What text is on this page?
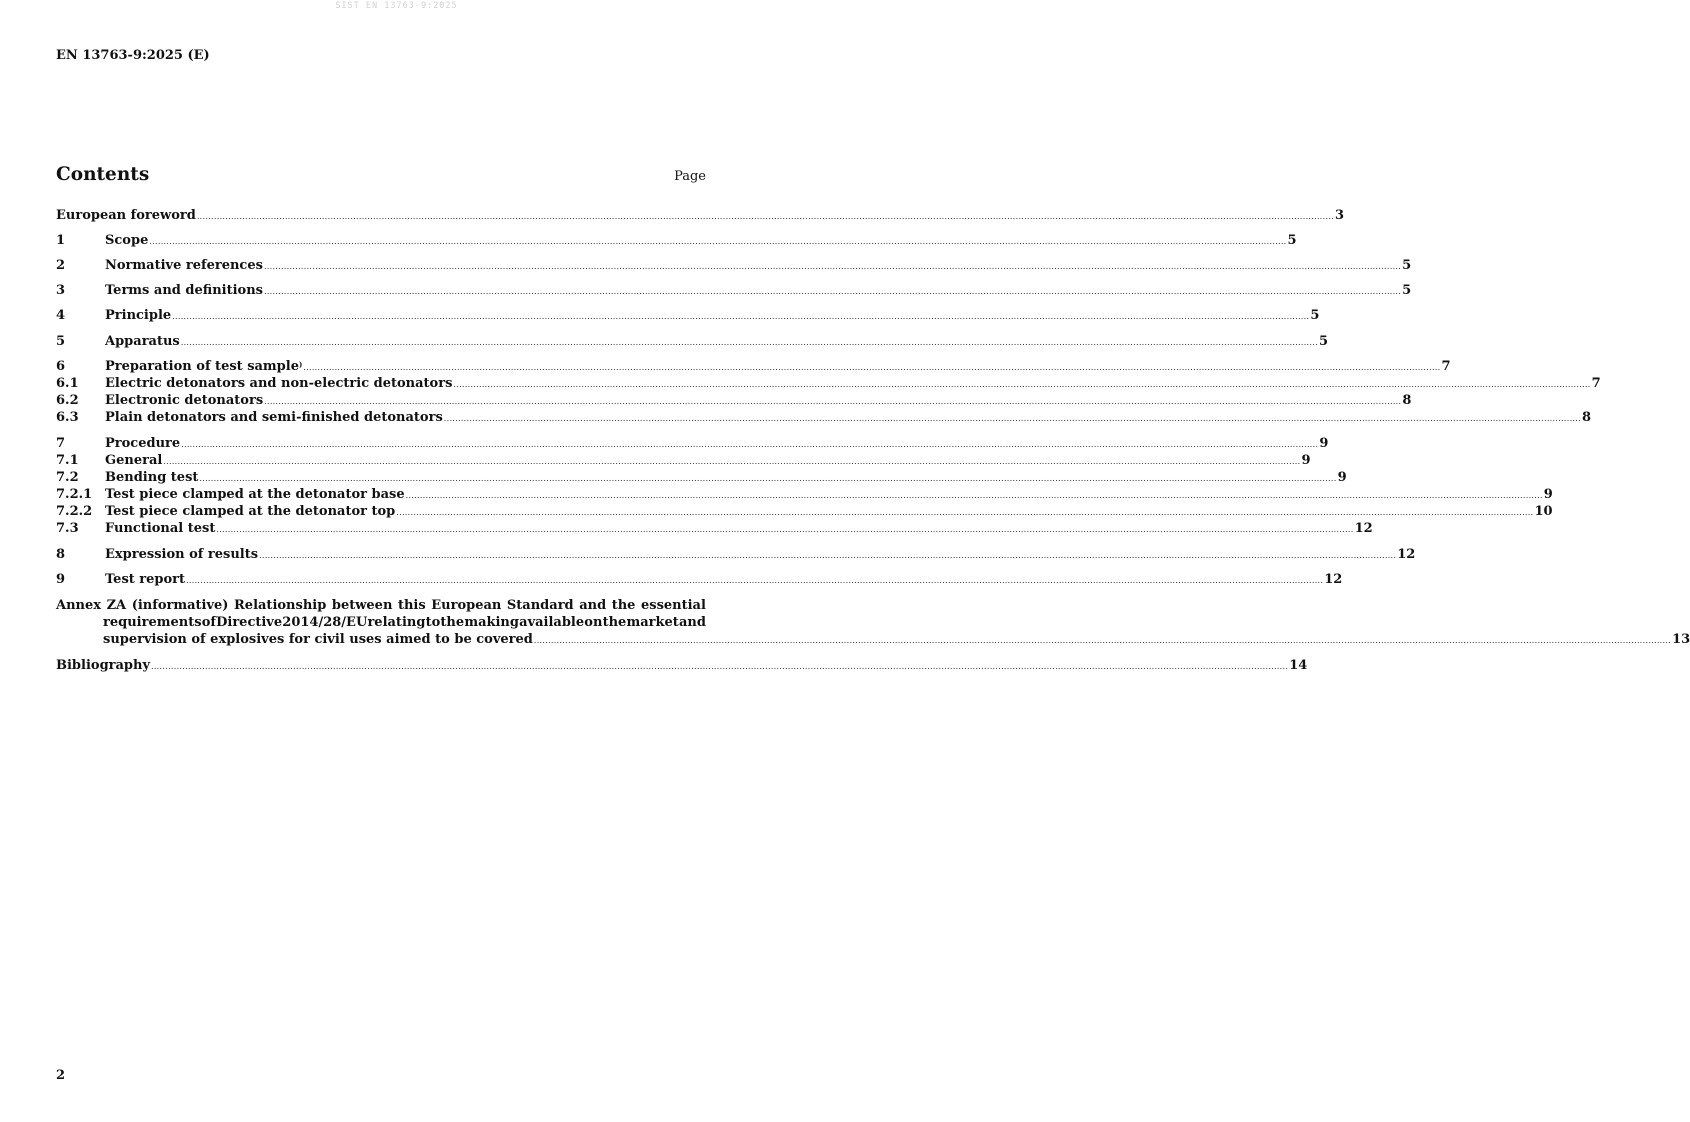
SIST EN 13763-9:2025
EN 13763-9:2025 (E)
Contents	Page
European foreword ................................................................................................................................................................................................................................................................................................................................................................................................................ 3
1	Scope ................................................................................................................................................................................................................................................................................................................................................................................................................ 5
2	Normative references ................................................................................................................................................................................................................................................................................................................................................................................................................ 5
3	Terms and definitions ................................................................................................................................................................................................................................................................................................................................................................................................................ 5
4	Principle ................................................................................................................................................................................................................................................................................................................................................................................................................ 5
5	Apparatus ................................................................................................................................................................................................................................................................................................................................................................................................................ 5
6	Preparation of test sample) ................................................................................................................................................................................................................................................................................................................................................................................................................ 7
6.1	Electric detonators and non-electric detonators ................................................................................................................................................................................................................................................................................................................................................................................................................ 7
6.2	Electronic detonators ................................................................................................................................................................................................................................................................................................................................................................................................................ 8
6.3	Plain detonators and semi-finished detonators ................................................................................................................................................................................................................................................................................................................................................................................................................ 8
7	Procedure ................................................................................................................................................................................................................................................................................................................................................................................................................ 9
7.1	General ................................................................................................................................................................................................................................................................................................................................................................................................................ 9
7.2	Bending test ................................................................................................................................................................................................................................................................................................................................................................................................................ 9
7.2.1 Test piece clamped at the detonator base ................................................................................................................................................................................................................................................................................................................................................................................................................ 9
7.2.2 Test piece clamped at the detonator top ................................................................................................................................................................................................................................................................................................................................................................................................................ 10
7.3	Functional test ................................................................................................................................................................................................................................................................................................................................................................................................................ 12
8	Expression of results ................................................................................................................................................................................................................................................................................................................................................................................................................ 12
9	Test report ................................................................................................................................................................................................................................................................................................................................................................................................................ 12
Annex ZA (informative) Relationship between this European Standard and the essential
requirements of Directive 2014/28/EU relating to the making available on the market and
supervision of explosives for civil uses aimed to be covered ................................................................................................................................................................................................................................................................................................................................................................................................................ 13
Bibliography ................................................................................................................................................................................................................................................................................................................................................................................................................ 14
2
